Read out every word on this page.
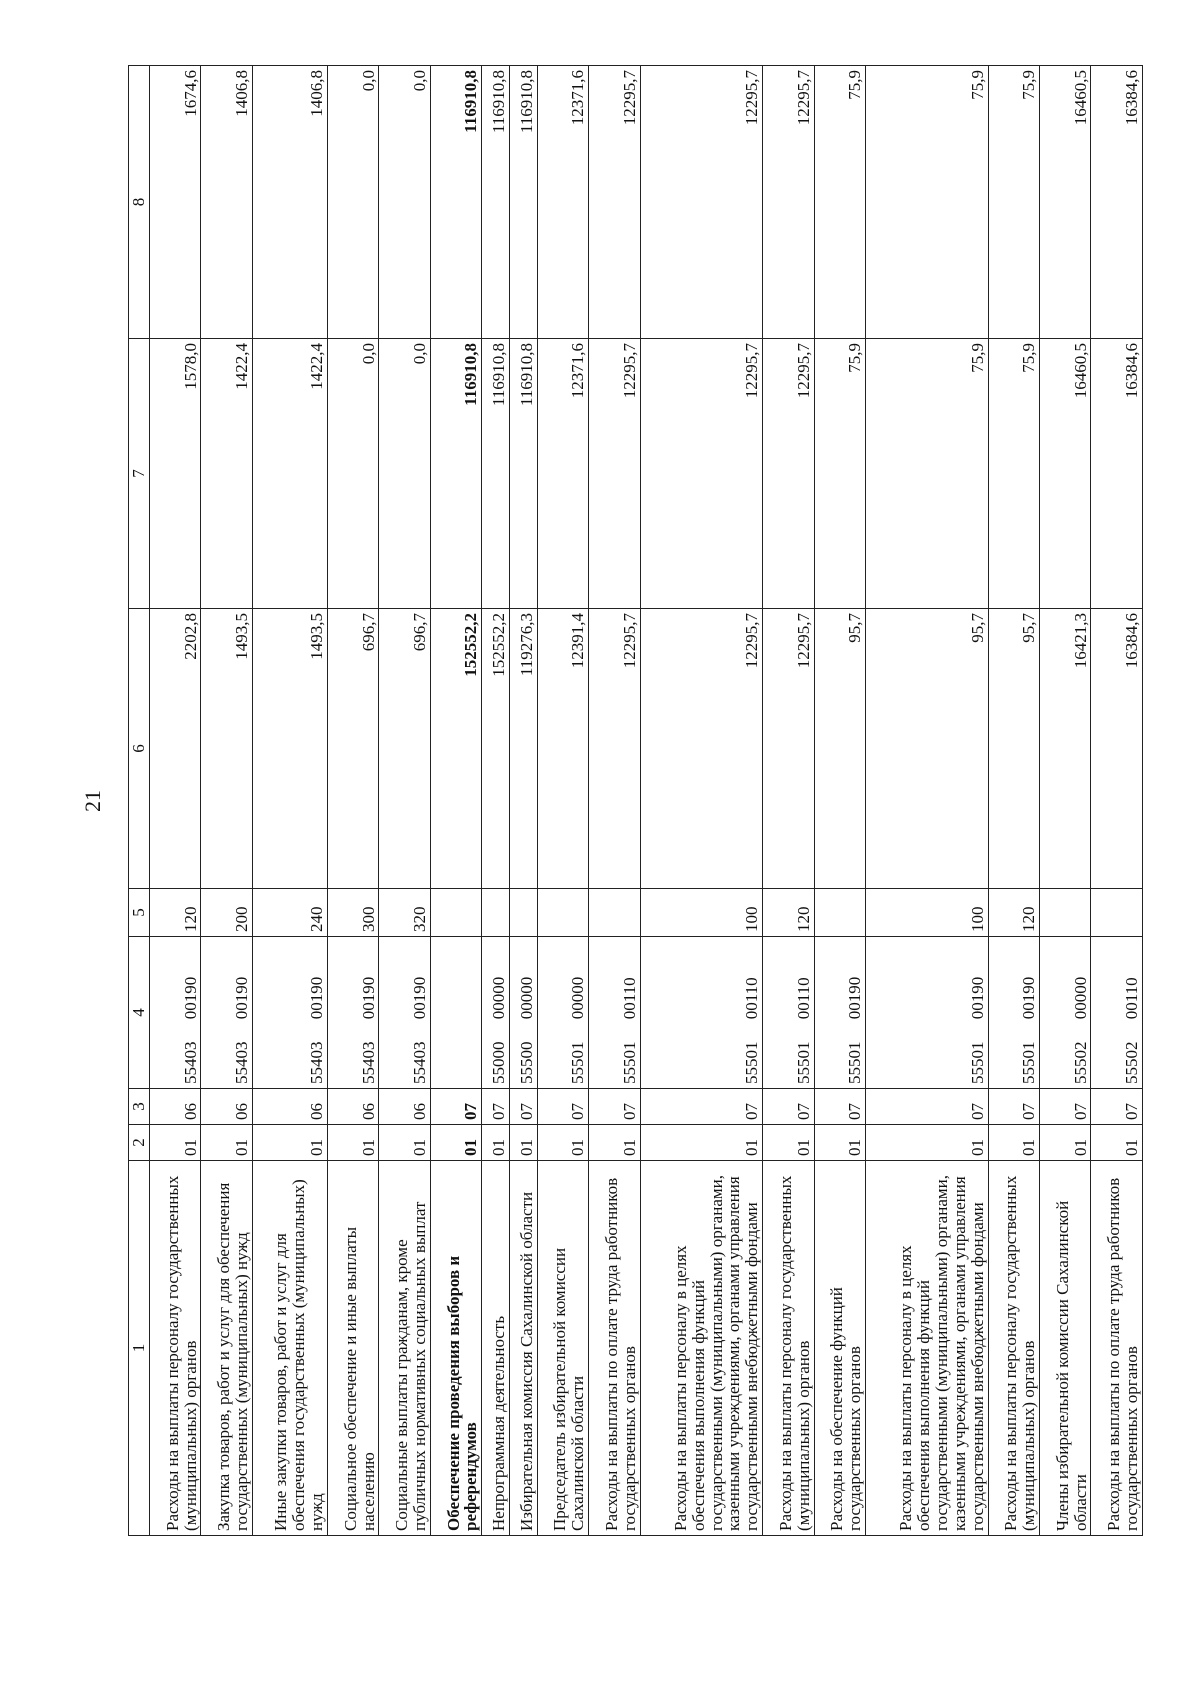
21
1	2	3	4	5	6	7	8
Расходы на выплаты персоналу государственных (муниципальных) органов	01	06	55403 00190	120	2202,8	1578,0	1674,6
Закупка товаров, работ и услуг для обеспечения государственных (муниципальных) нужд	01	06	55403 00190	200	1493,5	1422,4	1406,8
Иные закупки товаров, работ и услуг для обеспечения государственных (муниципальных) нужд	01	06	55403 00190	240	1493,5	1422,4	1406,8
Социальное обеспечение и иные выплаты населению	01	06	55403 00190	300	696,7	0,0	0,0
Социальные выплаты гражданам, кроме публичных нормативных социальных выплат	01	06	55403 00190	320	696,7	0,0	0,0
Обеспечение проведения выборов и референдумов	01	07			152552,2	116910,8	116910,8
Непрограммная деятельность	01	07	55000 00000		152552,2	116910,8	116910,8
Избирательная комиссия Сахалинской области	01	07	55500 00000		119276,3	116910,8	116910,8
Председатель избирательной комиссии Сахалинской области	01	07	55501 00000		12391,4	12371,6	12371,6
Расходы на выплаты по оплате труда работников государственных органов	01	07	55501 00110		12295,7	12295,7	12295,7
Расходы на выплаты персоналу в целях обеспечения выполнения функций государственными (муниципальными) органами, казенными учреждениями, органами управления государственными внебюджетными фондами	01	07	55501 00110	100	12295,7	12295,7	12295,7
Расходы на выплаты персоналу государственных (муниципальных) органов	01	07	55501 00110	120	12295,7	12295,7	12295,7
Расходы на обеспечение функций государственных органов	01	07	55501 00190		95,7	75,9	75,9
Расходы на выплаты персоналу в целях обеспечения выполнения функций государственными (муниципальными) органами, казенными учреждениями, органами управления государственными внебюджетными фондами	01	07	55501 00190	100	95,7	75,9	75,9
Расходы на выплаты персоналу государственных (муниципальных) органов	01	07	55501 00190	120	95,7	75,9	75,9
Члены избирательной комиссии Сахалинской области	01	07	55502 00000		16421,3	16460,5	16460,5
Расходы на выплаты по оплате труда работников государственных органов	01	07	55502 00110		16384,6	16384,6	16384,6
